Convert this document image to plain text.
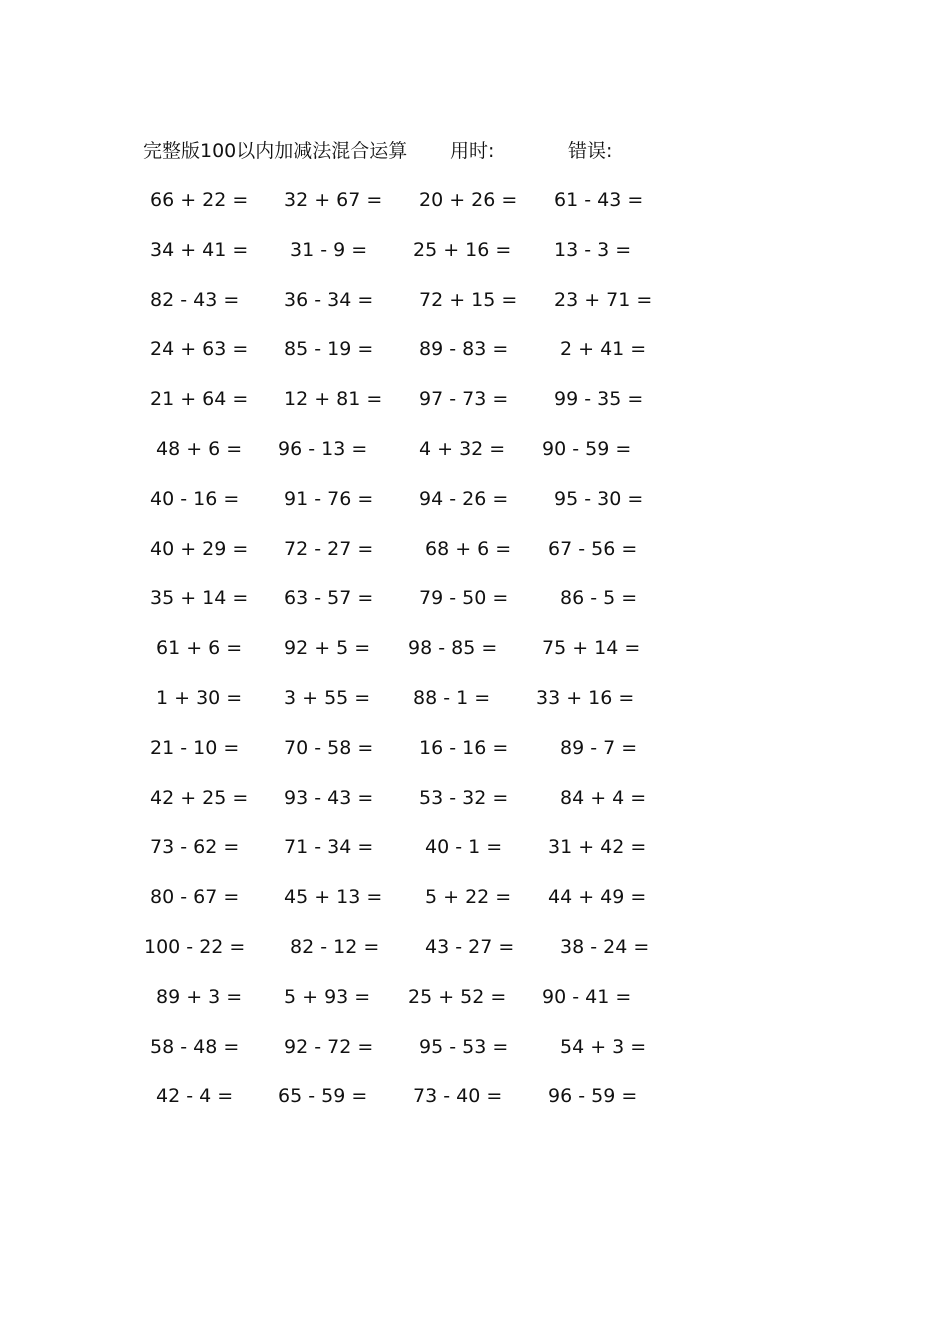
完整版100以内加减法混合运算 用时:	错误:
66 + 22 = 32 + 67 = 20 + 26 = 61 - 43 =
34 + 41 = 31 - 9 = 25 + 16 = 13 - 3 =
82 - 43 = 36 - 34 = 72 + 15 = 23 + 71 =
24 + 63 = 85 - 19 = 89 - 83 =	2 + 41 =
21 + 64 = 12 + 81 = 97 - 73 = 99 - 35 =
48 + 6 = 96 - 13 =	4 + 32 = 90 - 59 =
40 - 16 = 91 - 76 = 94 - 26 = 95 - 30 =
40 + 29 = 72 - 27 =	68 + 6 = 67 - 56 =
35 + 14 = 63 - 57 = 79 - 50 =	86 - 5 =
61 + 6 = 92 + 5 = 98 - 85 = 75 + 14 =
1 + 30 = 3 + 55 = 88 - 1 = 33 + 16 =
21 - 10 = 70 - 58 = 16 - 16 =	89 - 7 =
42 + 25 = 93 - 43 = 53 - 32 =	84 + 4 =
73 - 62 = 71 - 34 =	40 - 1 = 31 + 42 =
80 - 67 = 45 + 13 = 5 + 22 = 44 + 49 =
100 - 22 = 82 - 12 = 43 - 27 = 38 - 24 =
89 + 3 = 5 + 93 = 25 + 52 = 90 - 41 =
58 - 48 = 92 - 72 = 95 - 53 =	54 + 3 =
42 - 4 = 65 - 59 = 73 - 40 = 96 - 59 =
